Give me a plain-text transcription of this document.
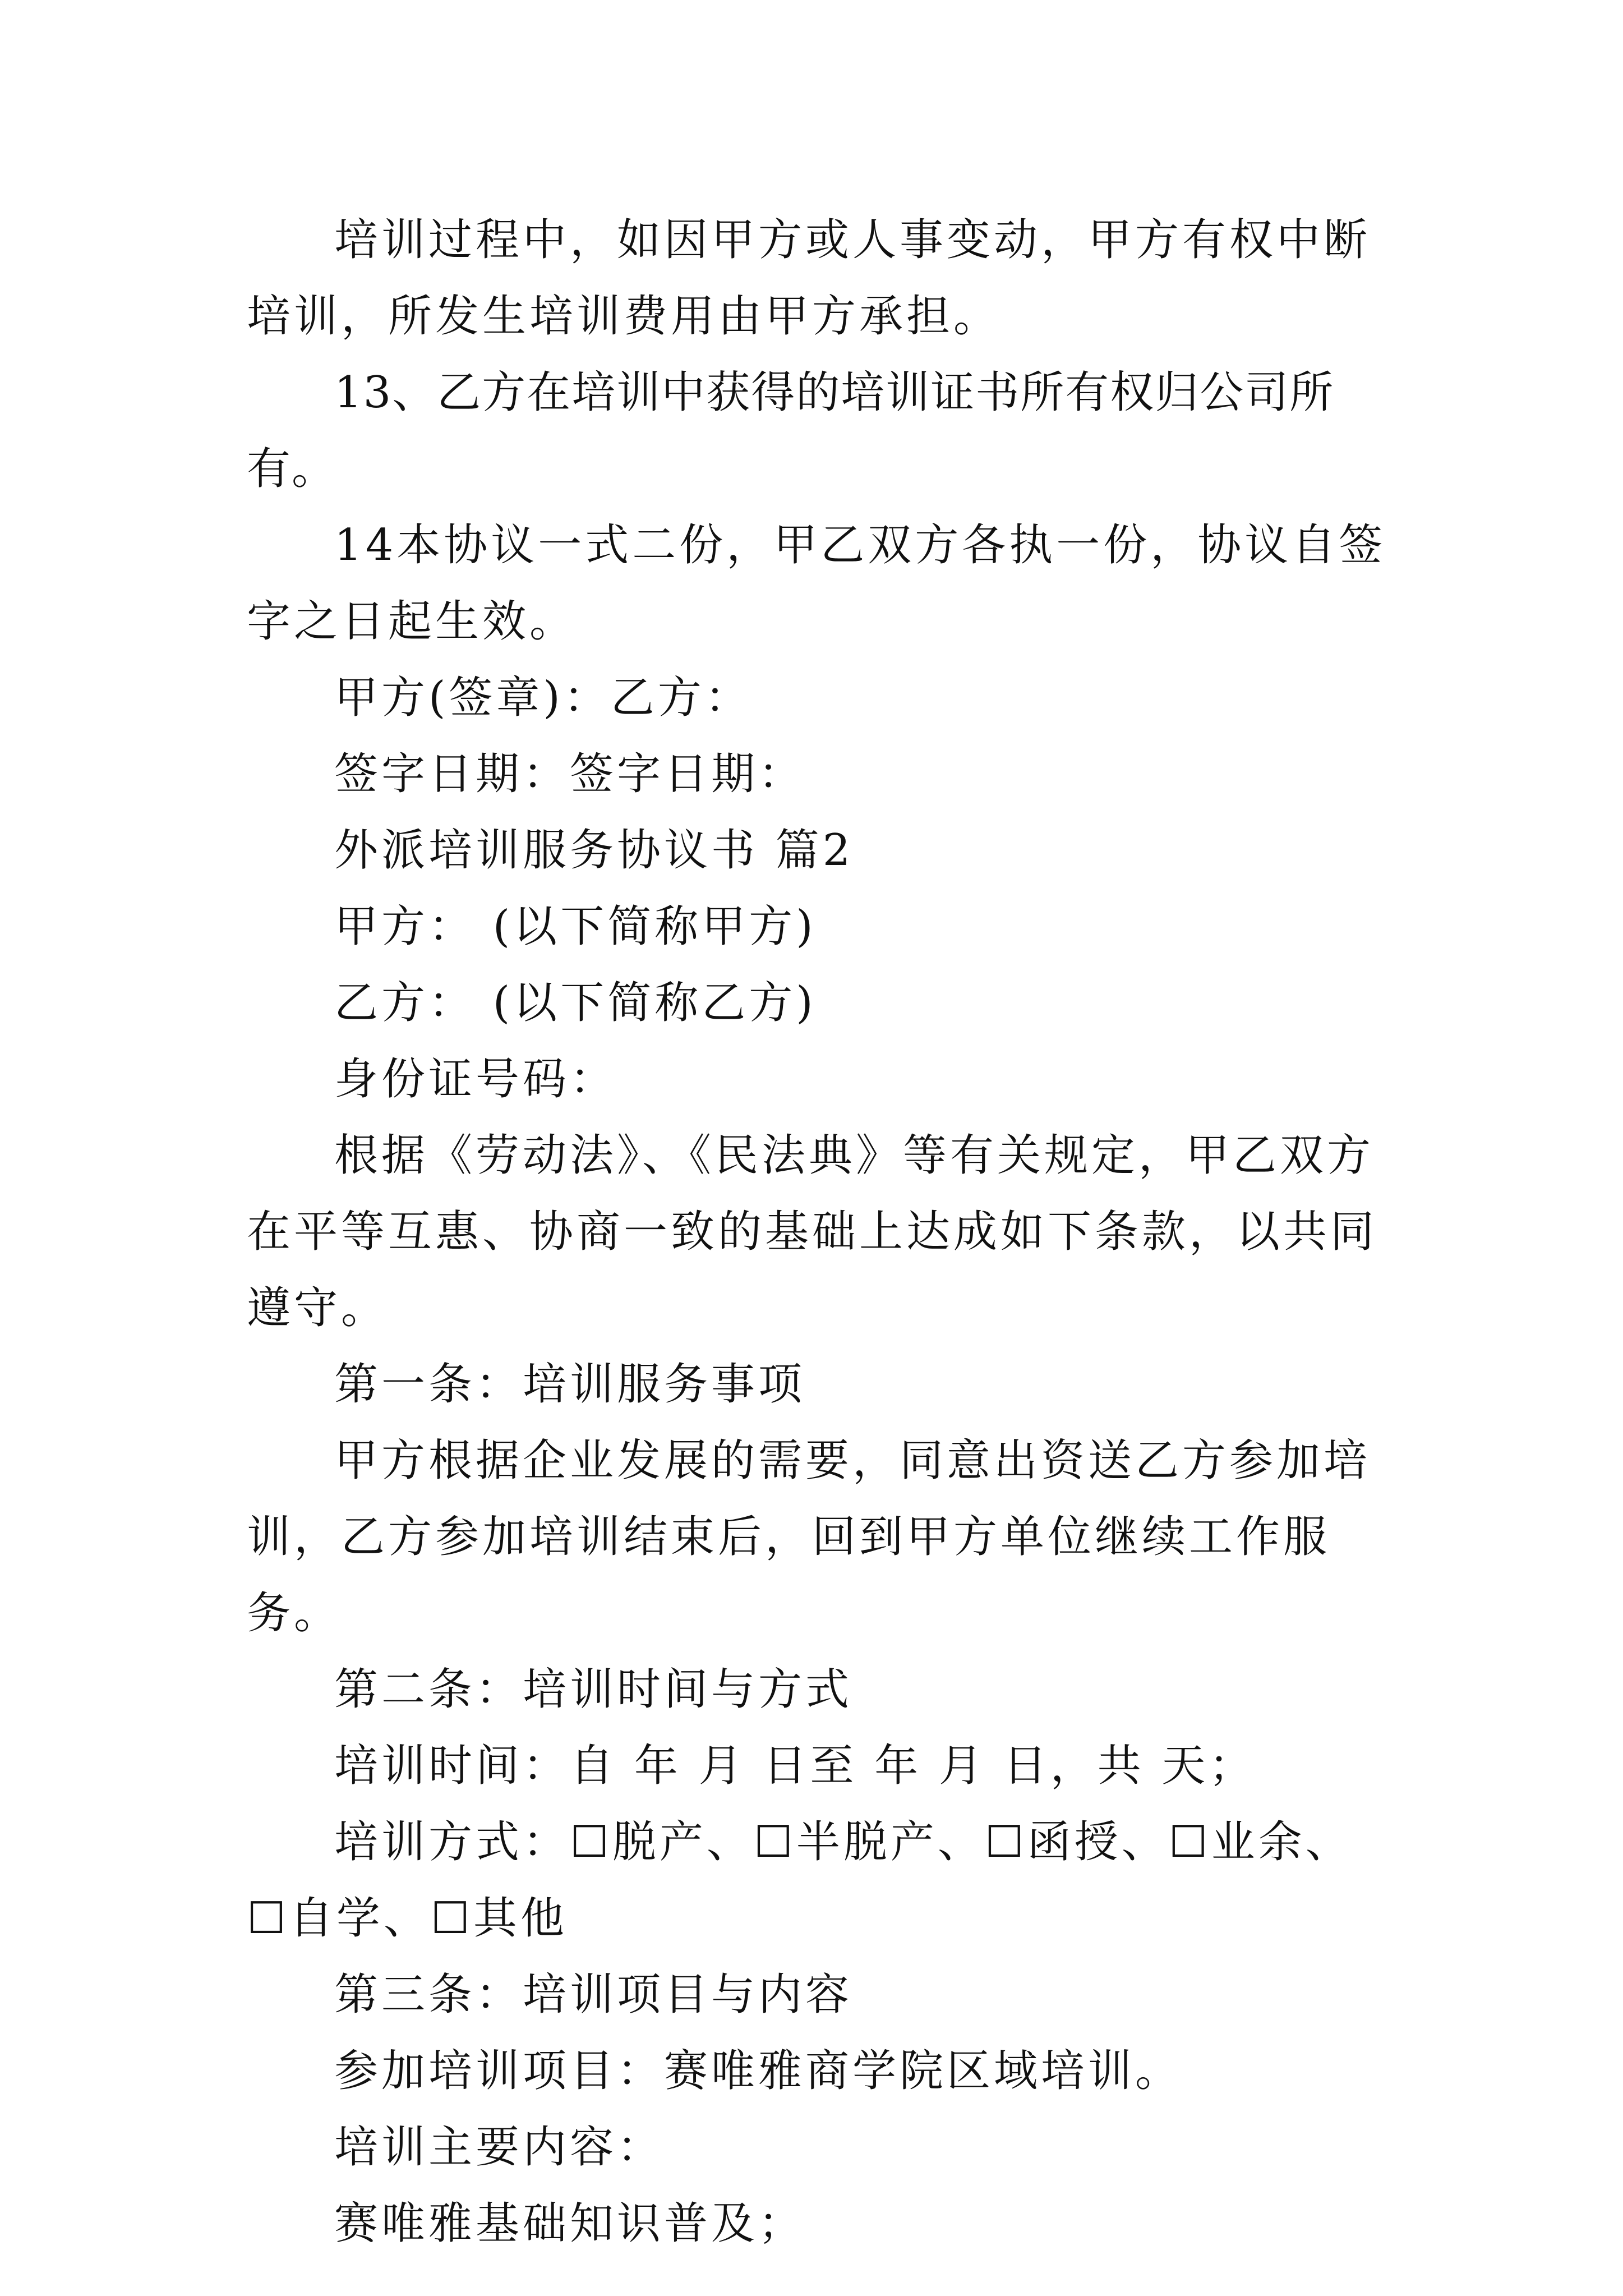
培训过程中，如因甲方或人事变动，甲方有权中断培训，所发生培训费用由甲方承担。

13、乙方在培训中获得的培训证书所有权归公司所有。

14本协议一式二份，甲乙双方各执一份，协议自签字之日起生效。

甲方(签章)：乙方：

签字日期：签字日期：

外派培训服务协议书 篇2

甲方： (以下简称甲方)

乙方： (以下简称乙方)

身份证号码：

根据《劳动法》、《民法典》等有关规定，甲乙双方在平等互惠、协商一致的基础上达成如下条款，以共同遵守。

第一条：培训服务事项

甲方根据企业发展的需要，同意出资送乙方参加培训，乙方参加培训结束后，回到甲方单位继续工作服务。

第二条：培训时间与方式

培训时间：自 年 月 日至 年 月 日，共 天；

培训方式：☐脱产、☐半脱产、☐函授、☐业余、☐自学、☐其他

第三条：培训项目与内容

参加培训项目：赛唯雅商学院区域培训。

培训主要内容：

赛唯雅基础知识普及；
